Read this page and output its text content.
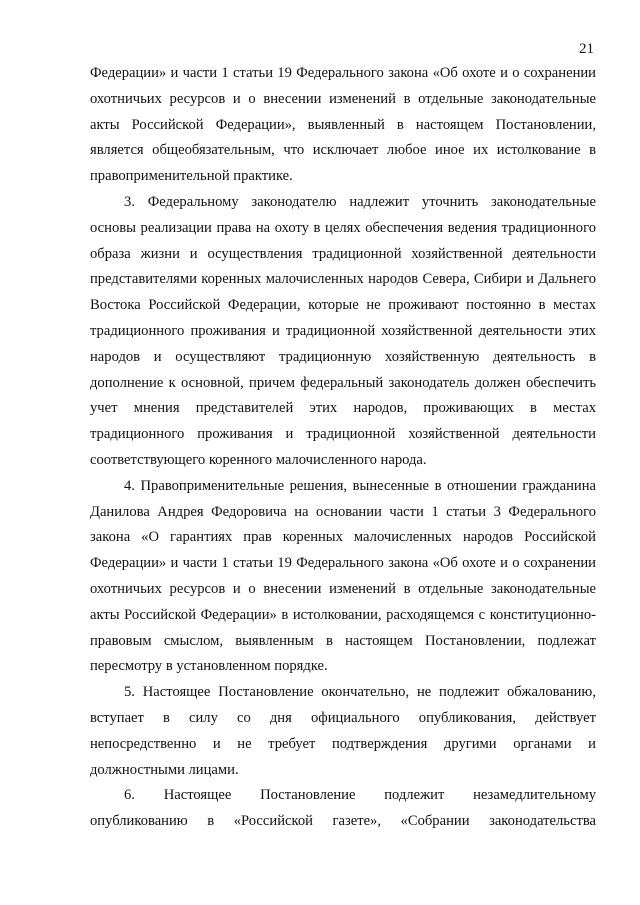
21

Федерации» и части 1 статьи 19 Федерального закона «Об охоте и о сохранении охотничьих ресурсов и о внесении изменений в отдельные законодательные акты Российской Федерации», выявленный в настоящем Постановлении, является общеобязательным, что исключает любое иное их истолкование в правоприменительной практике.

3. Федеральному законодателю надлежит уточнить законодательные основы реализации права на охоту в целях обеспечения ведения традиционного образа жизни и осуществления традиционной хозяйственной деятельности представителями коренных малочисленных народов Севера, Сибири и Дальнего Востока Российской Федерации, которые не проживают постоянно в местах традиционного проживания и традиционной хозяйственной деятельности этих народов и осуществляют традиционную хозяйственную деятельность в дополнение к основной, причем федеральный законодатель должен обеспечить учет мнения представителей этих народов, проживающих в местах традиционного проживания и традиционной хозяйственной деятельности соответствующего коренного малочисленного народа.

4. Правоприменительные решения, вынесенные в отношении гражданина Данилова Андрея Федоровича на основании части 1 статьи 3 Федерального закона «О гарантиях прав коренных малочисленных народов Российской Федерации» и части 1 статьи 19 Федерального закона «Об охоте и о сохранении охотничьих ресурсов и о внесении изменений в отдельные законодательные акты Российской Федерации» в истолковании, расходящемся с конституционно-правовым смыслом, выявленным в настоящем Постановлении, подлежат пересмотру в установленном порядке.

5. Настоящее Постановление окончательно, не подлежит обжалованию, вступает в силу со дня официального опубликования, действует непосредственно и не требует подтверждения другими органами и должностными лицами.

6. Настоящее Постановление подлежит незамедлительному опубликованию в «Российской газете», «Собрании законодательства
